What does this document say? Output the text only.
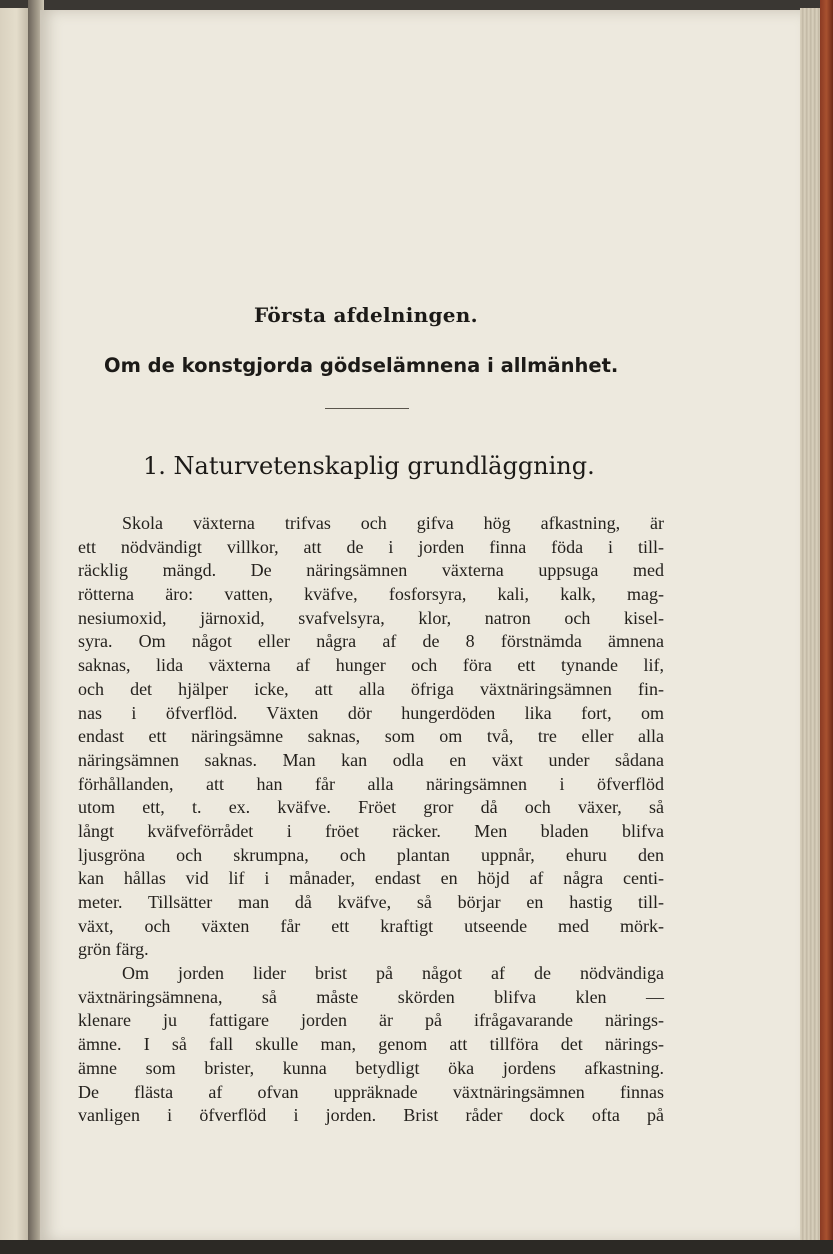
Första afdelningen.
Om de konstgjorda gödselämnena i allmänhet.
1. Naturvetenskaplig grundläggning.
Skola växterna trifvas och gifva hög afkastning, är
ett nödvändigt villkor, att de i jorden finna föda i till-
räcklig mängd. De näringsämnen växterna uppsuga med
rötterna äro: vatten, kväfve, fosforsyra, kali, kalk, mag-
nesiumoxid, järnoxid, svafvelsyra, klor, natron och kisel-
syra. Om något eller några af de 8 förstnämda ämnena
saknas, lida växterna af hunger och föra ett tynande lif,
och det hjälper icke, att alla öfriga växtnäringsämnen fin-
nas i öfverflöd. Växten dör hungerdöden lika fort, om
endast ett näringsämne saknas, som om två, tre eller alla
näringsämnen saknas. Man kan odla en växt under sådana
förhållanden, att han får alla näringsämnen i öfverflöd
utom ett, t. ex. kväfve. Fröet gror då och växer, så
långt kväfveförrådet i fröet räcker. Men bladen blifva
ljusgröna och skrumpna, och plantan uppnår, ehuru den
kan hållas vid lif i månader, endast en höjd af några centi-
meter. Tillsätter man då kväfve, så börjar en hastig till-
växt, och växten får ett kraftigt utseende med mörk-
grön färg.
Om jorden lider brist på något af de nödvändiga
växtnäringsämnena, så måste skörden blifva klen —
klenare ju fattigare jorden är på ifrågavarande närings-
ämne. I så fall skulle man, genom att tillföra det närings-
ämne som brister, kunna betydligt öka jordens afkastning.
De flästa af ofvan uppräknade växtnäringsämnen finnas
vanligen i öfverflöd i jorden. Brist råder dock ofta på
